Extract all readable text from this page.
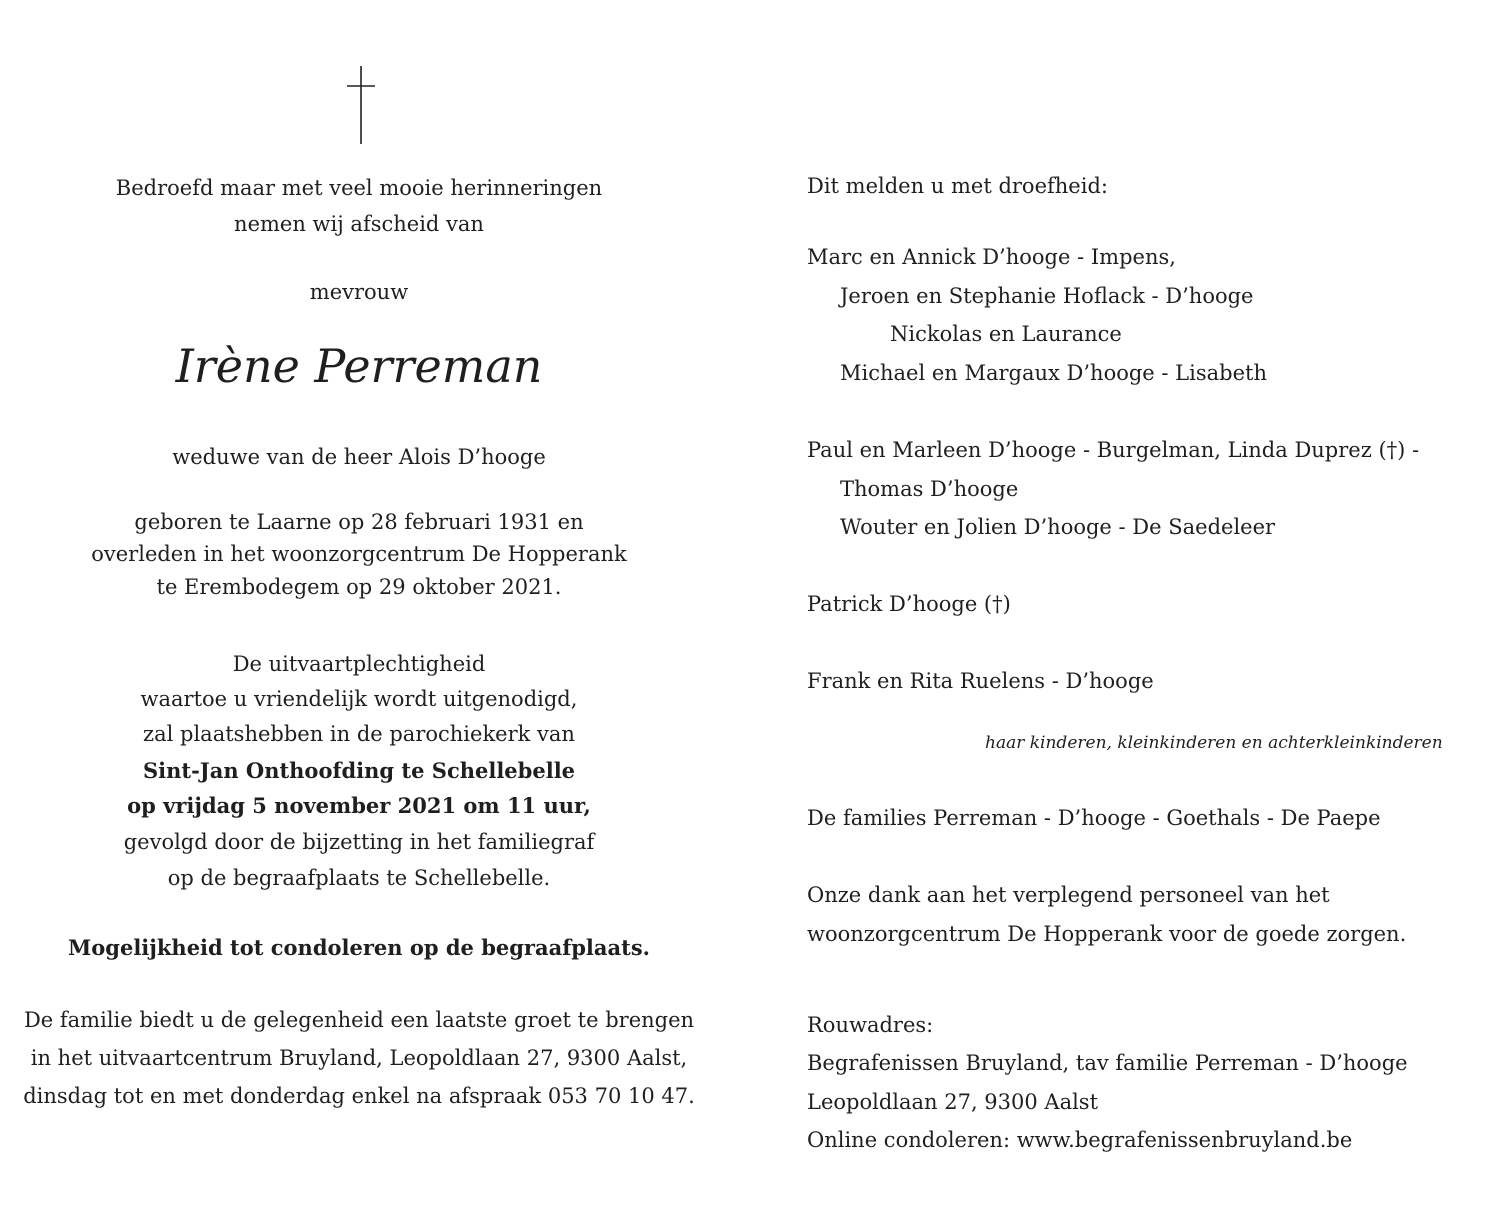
Bedroefd maar met veel mooie herinneringen
nemen wij afscheid van
mevrouw
Irène Perreman
weduwe van de heer Alois D’hooge
geboren te Laarne op 28 februari 1931 en
overleden in het woonzorgcentrum De Hopperank
te Erembodegem op 29 oktober 2021.
De uitvaartplechtigheid
waartoe u vriendelijk wordt uitgenodigd,
zal plaatshebben in de parochiekerk van
Sint-Jan Onthoofding te Schellebelle
op vrijdag 5 november 2021 om 11 uur,
gevolgd door de bijzetting in het familiegraf
op de begraafplaats te Schellebelle.
Mogelijkheid tot condoleren op de begraafplaats.
De familie biedt u de gelegenheid een laatste groet te brengen
in het uitvaartcentrum Bruyland, Leopoldlaan 27, 9300 Aalst,
dinsdag tot en met donderdag enkel na afspraak 053 70 10 47.
Dit melden u met droefheid:
Marc en Annick D’hooge - Impens,
Jeroen en Stephanie Hoflack - D’hooge
Nickolas en Laurance
Michael en Margaux D’hooge - Lisabeth
Paul en Marleen D’hooge - Burgelman, Linda Duprez (†) -
Thomas D’hooge
Wouter en Jolien D’hooge - De Saedeleer
Patrick D’hooge (†)
Frank en Rita Ruelens - D’hooge
haar kinderen, kleinkinderen en achterkleinkinderen
De families Perreman - D’hooge - Goethals - De Paepe
Onze dank aan het verplegend personeel van het
woonzorgcentrum De Hopperank voor de goede zorgen.
Rouwadres:
Begrafenissen Bruyland, tav familie Perreman - D’hooge
Leopoldlaan 27, 9300 Aalst
Online condoleren: www.begrafenissenbruyland.be
